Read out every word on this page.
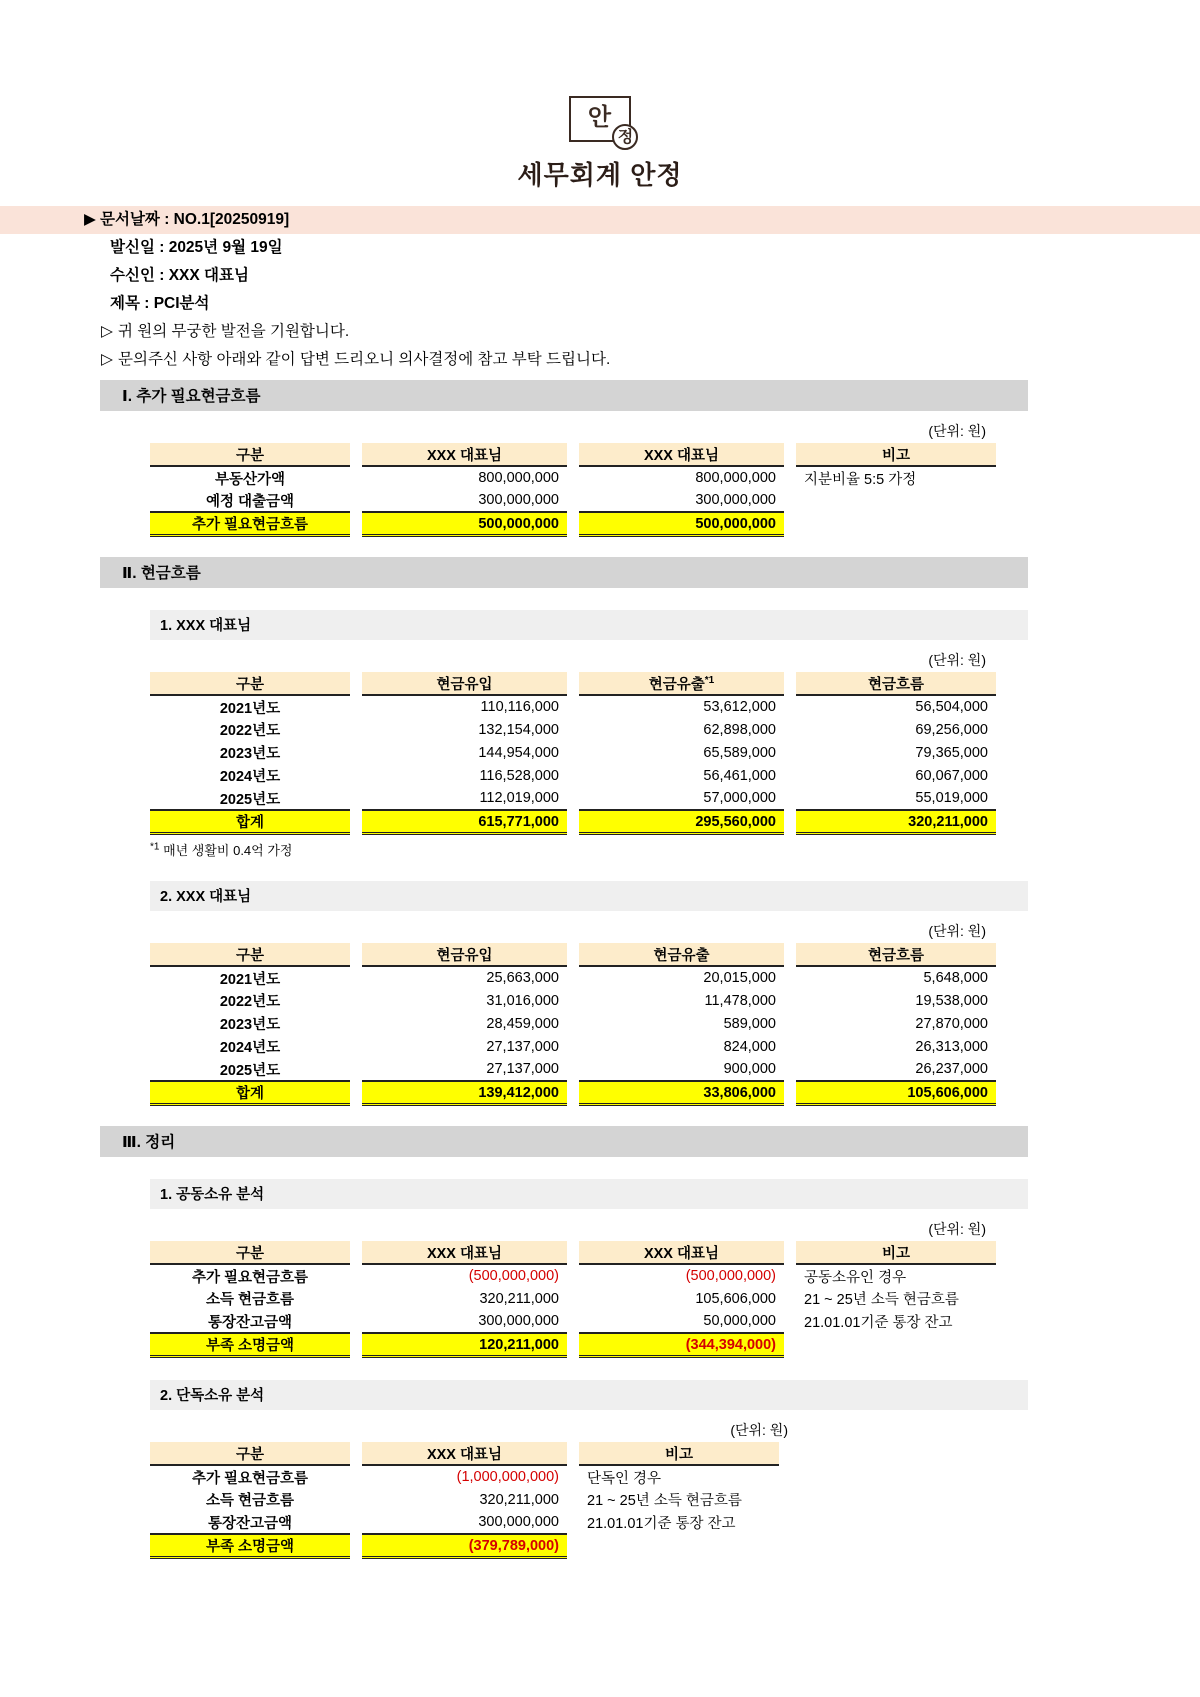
안
정
세무회계 안정
▶ 문서날짜 : NO.1[20250919]
발신일 : 2025년 9월 19일
수신인 : XXX 대표님
제목 : PCI분석
▷ 귀 원의 무궁한 발전을 기원합니다.
▷ 문의주신 사항 아래와 같이 답변 드리오니 의사결정에 참고 부탁 드립니다.
Ⅰ. 추가 필요현금흐름
(단위: 원)
구분		XXX 대표님		XXX 대표님		비고
부동산가액		800,000,000		800,000,000		지분비율 5:5 가정
예정 대출금액		300,000,000		300,000,000		
추가 필요현금흐름		500,000,000		500,000,000		
Ⅱ. 현금흐름
1. XXX 대표님
(단위: 원)
구분		현금유입		현금유출$^{*1}$		현금흐름
2021년도		110,116,000		53,612,000		56,504,000
2022년도		132,154,000		62,898,000		69,256,000
2023년도		144,954,000		65,589,000		79,365,000
2024년도		116,528,000		56,461,000		60,067,000
2025년도		112,019,000		57,000,000		55,019,000
합계		615,771,000		295,560,000		320,211,000
$^{*1}$ 매년 생활비 0.4억 가정
2. XXX 대표님
(단위: 원)
구분		현금유입		현금유출		현금흐름
2021년도		25,663,000		20,015,000		5,648,000
2022년도		31,016,000		11,478,000		19,538,000
2023년도		28,459,000		589,000		27,870,000
2024년도		27,137,000		824,000		26,313,000
2025년도		27,137,000		900,000		26,237,000
합계		139,412,000		33,806,000		105,606,000
Ⅲ. 정리
1. 공동소유 분석
(단위: 원)
구분		XXX 대표님		XXX 대표님		비고
추가 필요현금흐름		(500,000,000)		(500,000,000)		공동소유인 경우
소득 현금흐름		320,211,000		105,606,000		21 ~ 25년 소득 현금흐름
통장잔고금액		300,000,000		50,000,000		21.01.01기준 통장 잔고
부족 소명금액		120,211,000		(344,394,000)		
2. 단독소유 분석
(단위: 원)
구분		XXX 대표님		비고
추가 필요현금흐름		(1,000,000,000)		단독인 경우
소득 현금흐름		320,211,000		21 ~ 25년 소득 현금흐름
통장잔고금액		300,000,000		21.01.01기준 통장 잔고
부족 소명금액		(379,789,000)		
